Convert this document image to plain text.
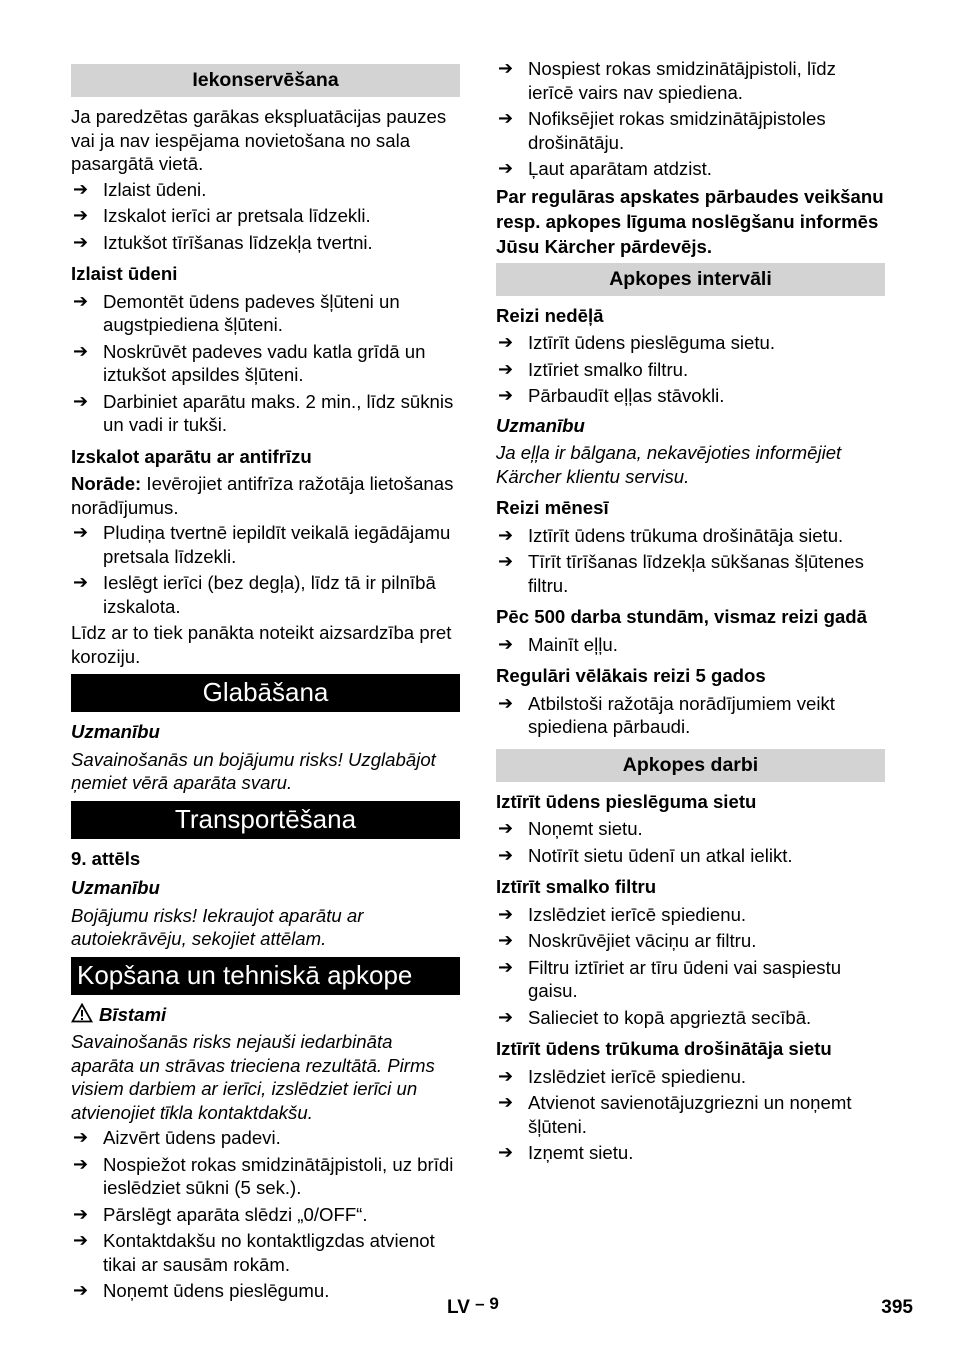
Iekonservēšana

Ja paredzētas garākas ekspluatācijas pauzes vai ja nav iespējama novietošana no sala pasargātā vietā.

➔ Izlaist ūdeni.
➔ Izskalot ierīci ar pretsala līdzekli.
➔ Iztukšot tīrīšanas līdzekļa tvertni.
Izlaist ūdeni
➔ Demontēt ūdens padeves šļūteni un augstpiediena šļūteni.
➔ Noskrūvēt padeves vadu katla grīdā un iztukšot apsildes šļūteni.
➔ Darbiniet aparātu maks. 2 min., līdz sūknis un vadi ir tukši.
Izskalot aparātu ar antifrīzu

Norāde: Ievērojiet antifrīza ražotāja lietošanas norādījumus.

➔ Pludiņa tvertnē iepildīt veikalā iegādājamu pretsala līdzekli.
➔ Ieslēgt ierīci (bez degļa), līdz tā ir pilnībā izskalota.

Līdz ar to tiek panākta noteikt aizsardzība pret koroziju.

Glabāšana
Uzmanību

Savainošanās un bojājumu risks! Uzglabājot ņemiet vērā aparāta svaru.

Transportēšana
9. attēls
Uzmanību

Bojājumu risks! Iekraujot aparātu ar autoiekrāvēju, sekojiet attēlam.

Kopšana un tehniskā apkope
Bīstami

Savainošanās risks nejauši iedarbināta aparāta un strāvas trieciena rezultātā. Pirms visiem darbiem ar ierīci, izslēdziet ierīci un atvienojiet tīkla kontaktdakšu.

➔ Aizvērt ūdens padevi.
➔ Nospiežot rokas smidzinātājpistoli, uz brīdi ieslēdziet sūkni (5 sek.).
➔ Pārslēgt aparāta slēdzi „0/OFF“.
➔ Kontaktdakšu no kontaktligzdas atvienot tikai ar sausām rokām.
➔ Noņemt ūdens pieslēgumu.
➔ Nospiest rokas smidzinātājpistoli, līdz ierīcē vairs nav spiediena.
➔ Nofiksējiet rokas smidzinātājpistoles drošinātāju.
➔ Ļaut aparātam atdzist.

Par regulāras apskates pārbaudes veikšanu resp. apkopes līguma noslēgšanu informēs Jūsu Kärcher pārdevējs.

Apkopes intervāli
Reizi nedēļā
➔ Iztīrīt ūdens pieslēguma sietu.
➔ Iztīriet smalko filtru.
➔ Pārbaudīt eļļas stāvokli.
Uzmanību

Ja eļļa ir bālgana, nekavējoties informējiet Kärcher klientu servisu.

Reizi mēnesī
➔ Iztīrīt ūdens trūkuma drošinātāja sietu.
➔ Tīrīt tīrīšanas līdzekļa sūkšanas šļūtenes filtru.
Pēc 500 darba stundām, vismaz reizi gadā
➔ Mainīt eļļu.
Regulāri vēlākais reizi 5 gados
➔ Atbilstoši ražotāja norādījumiem veikt spiediena pārbaudi.
Apkopes darbi
Iztīrīt ūdens pieslēguma sietu
➔ Noņemt sietu.
➔ Notīrīt sietu ūdenī un atkal ielikt.
Iztīrīt smalko filtru
➔ Izslēdziet ierīcē spiedienu.
➔ Noskrūvējiet vāciņu ar filtru.
➔ Filtru iztīriet ar tīru ūdeni vai saspiestu gaisu.
➔ Salieciet to kopā apgrieztā secībā.
Iztīrīt ūdens trūkuma drošinātāja sietu
➔ Izslēdziet ierīcē spiedienu.
➔ Atvienot savienotājuzgriezni un noņemt šļūteni.
➔ Izņemt sietu.
LV – 9	395
